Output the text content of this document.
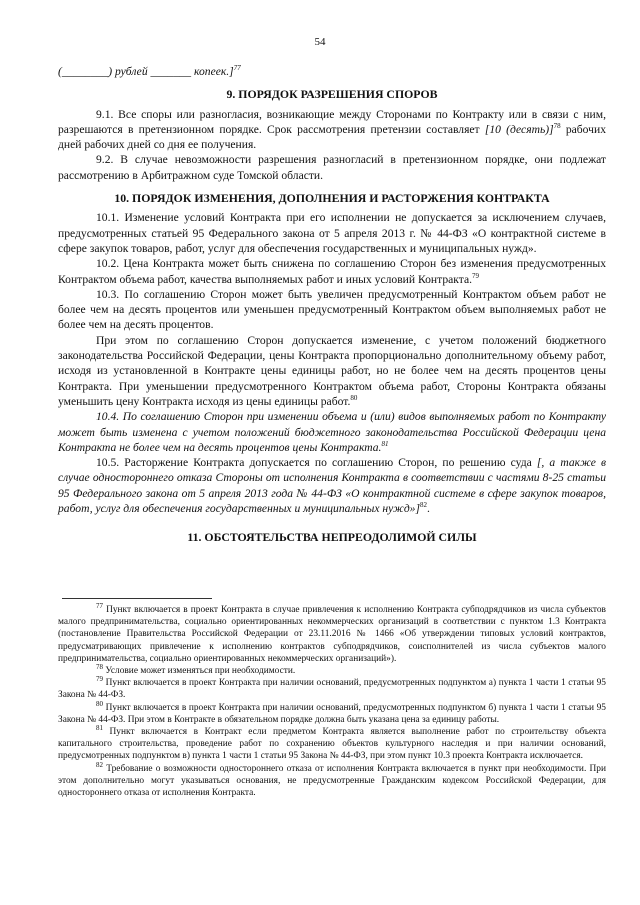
54

(________) рублей _______ копеек.]$^{77}$

9. ПОРЯДОК РАЗРЕШЕНИЯ СПОРОВ

9.1. Все споры или разногласия, возникающие между Сторонами по Контракту или в связи с ним, разрешаются в претензионном порядке. Срок рассмотрения претензии составляет [10 (десять)]$^{78}$ рабочих дней рабочих дней со дня ее получения.

9.2. В случае невозможности разрешения разногласий в претензионном порядке, они подлежат рассмотрению в Арбитражном суде Томской области.

10. ПОРЯДОК ИЗМЕНЕНИЯ, ДОПОЛНЕНИЯ И РАСТОРЖЕНИЯ КОНТРАКТА

10.1. Изменение условий Контракта при его исполнении не допускается за исключением случаев, предусмотренных статьей 95 Федерального закона от 5 апреля 2013 г. № 44-ФЗ «О контрактной системе в сфере закупок товаров, работ, услуг для обеспечения государственных и муниципальных нужд».

10.2. Цена Контракта может быть снижена по соглашению Сторон без изменения предусмотренных Контрактом объема работ, качества выполняемых работ и иных условий Контракта.$^{79}$

10.3. По соглашению Сторон может быть увеличен предусмотренный Контрактом объем работ не более чем на десять процентов или уменьшен предусмотренный Контрактом объем выполняемых работ не более чем на десять процентов.

При этом по соглашению Сторон допускается изменение, с учетом положений бюджетного законодательства Российской Федерации, цены Контракта пропорционально дополнительному объему работ, исходя из установленной в Контракте цены единицы работ, но не более чем на десять процентов цены Контракта. При уменьшении предусмотренного Контрактом объема работ, Стороны Контракта обязаны уменьшить цену Контракта исходя из цены единицы работ.$^{80}$

10.4. По соглашению Сторон при изменении объема и (или) видов выполняемых работ по Контракту может быть изменена с учетом положений бюджетного законодательства Российской Федерации цена Контракта не более чем на десять процентов цены Контракта.$^{81}$

10.5. Расторжение Контракта допускается по соглашению Сторон, по решению суда [, а также в случае одностороннего отказа Стороны от исполнения Контракта в соответствии с частями 8-25 статьи 95 Федерального закона от 5 апреля 2013 года № 44-ФЗ «О контрактной системе в сфере закупок товаров, работ, услуг для обеспечения государственных и муниципальных нужд»]$^{82}$.

11. ОБСТОЯТЕЛЬСТВА НЕПРЕОДОЛИМОЙ СИЛЫ

$^{77}$ Пункт включается в проект Контракта в случае привлечения к исполнению Контракта субподрядчиков из числа субъектов малого предпринимательства, социально ориентированных некоммерческих организаций в соответствии с пунктом 1.3 Контракта (постановление Правительства Российской Федерации от 23.11.2016 № 1466 «Об утверждении типовых условий контрактов, предусматривающих привлечение к исполнению контрактов субподрядчиков, соисполнителей из числа субъектов малого предпринимательства, социально ориентированных некоммерческих организаций»).

$^{78}$ Условие может изменяться при необходимости.

$^{79}$ Пункт включается в проект Контракта при наличии оснований, предусмотренных подпунктом а) пункта 1 части 1 статьи 95 Закона № 44-ФЗ.

$^{80}$ Пункт включается в проект Контракта при наличии оснований, предусмотренных подпунктом б) пункта 1 части 1 статьи 95 Закона № 44-ФЗ. При этом в Контракте в обязательном порядке должна быть указана цена за единицу работы.

$^{81}$ Пункт включается в Контракт если предметом Контракта является выполнение работ по строительству объекта капитального строительства, проведение работ по сохранению объектов культурного наследия и при наличии оснований, предусмотренных подпунктом в) пункта 1 части 1 статьи 95 Закона № 44-ФЗ, при этом пункт 10.3 проекта Контракта исключается.

$^{82}$ Требование о возможности одностороннего отказа от исполнения Контракта включается в пункт при необходимости. При этом дополнительно могут указываться основания, не предусмотренные Гражданским кодексом Российской Федерации, для одностороннего отказа от исполнения Контракта.
